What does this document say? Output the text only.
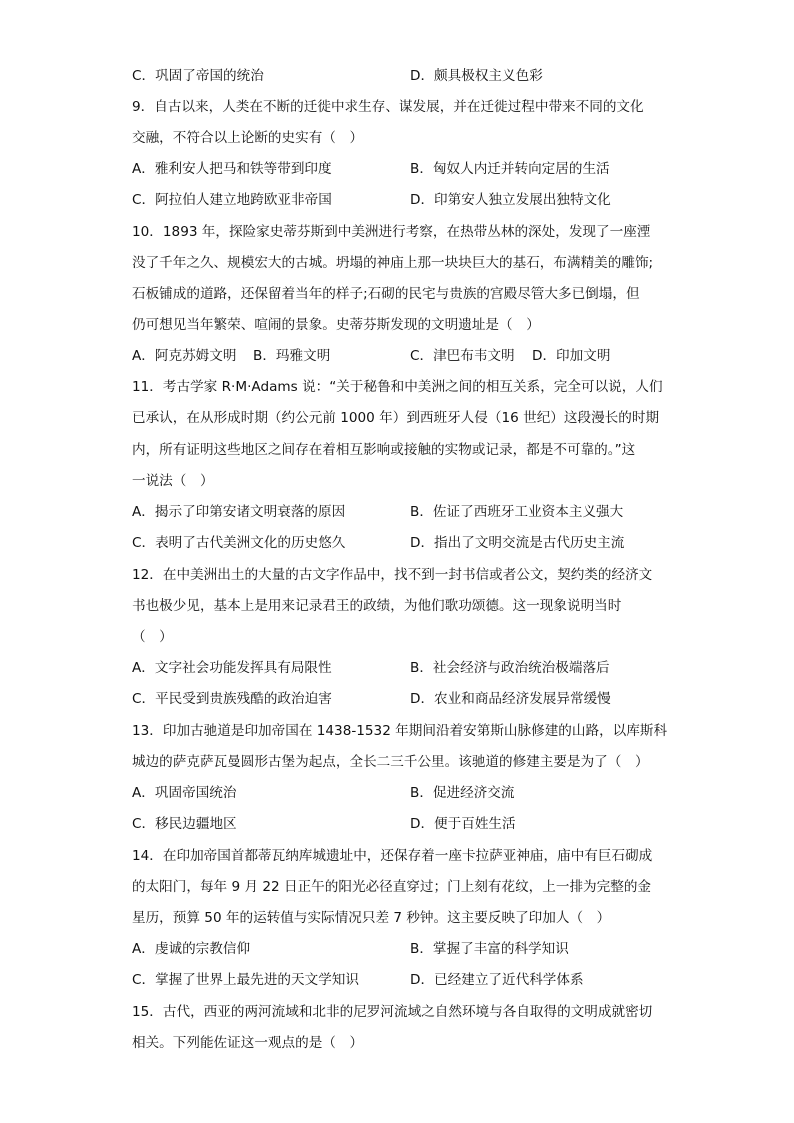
C．巩固了帝国的统治	D．颇具极权主义色彩
9．自古以来，人类在不断的迁徙中求生存、谋发展，并在迁徙过程中带来不同的文化
交融，不符合以上论断的史实有（　）
A．雅利安人把马和铁等带到印度	B．匈奴人内迁并转向定居的生活
C．阿拉伯人建立地跨欧亚非帝国	D．印第安人独立发展出独特文化
10．1893 年，探险家史蒂芬斯到中美洲进行考察，在热带丛林的深处，发现了一座湮
没了千年之久、规模宏大的古城。坍塌的神庙上那一块块巨大的基石，布满精美的雕饰;
石板铺成的道路，还保留着当年的样子;石砌的民宅与贵族的宫殿尽管大多已倒塌，但
仍可想见当年繁荣、喧闹的景象。史蒂芬斯发现的文明遗址是（　）
A．阿克苏姆文明 B．玛雅文明	C．津巴布韦文明 D．印加文明
11．考古学家 R·M·Adams 说：“关于秘鲁和中美洲之间的相互关系，完全可以说，人们
已承认，在从形成时期（约公元前 1000 年）到西班牙人侵（16 世纪）这段漫长的时期
内，所有证明这些地区之间存在着相互影响或接触的实物或记录，都是不可靠的。”这
一说法（　）
A．揭示了印第安诸文明衰落的原因	B．佐证了西班牙工业资本主义强大
C．表明了古代美洲文化的历史悠久	D．指出了文明交流是古代历史主流
12．在中美洲出土的大量的古文字作品中，找不到一封书信或者公文，契约类的经济文
书也极少见，基本上是用来记录君王的政绩，为他们歌功颂德。这一现象说明当时
（　）
A．文字社会功能发挥具有局限性	B．社会经济与政治统治极端落后
C．平民受到贵族残酷的政治迫害	D．农业和商品经济发展异常缓慢
13．印加古驰道是印加帝国在 1438-1532 年期间沿着安第斯山脉修建的山路，以库斯科
城边的萨克萨瓦曼圆形古堡为起点，全长二三千公里。该驰道的修建主要是为了（　）
A．巩固帝国统治	B．促进经济交流
C．移民边疆地区	D．便于百姓生活
14．在印加帝国首都蒂瓦纳库城遗址中，还保存着一座卡拉萨亚神庙，庙中有巨石砌成
的太阳门，每年 9 月 22 日正午的阳光必径直穿过；门上刻有花纹，上一排为完整的金
星历，预算 50 年的运转值与实际情况只差 7 秒钟。这主要反映了印加人（　）
A．虔诚的宗教信仰	B．掌握了丰富的科学知识
C．掌握了世界上最先进的天文学知识	D．已经建立了近代科学体系
15．古代，西亚的两河流域和北非的尼罗河流域之自然环境与各自取得的文明成就密切
相关。下列能佐证这一观点的是（　）
